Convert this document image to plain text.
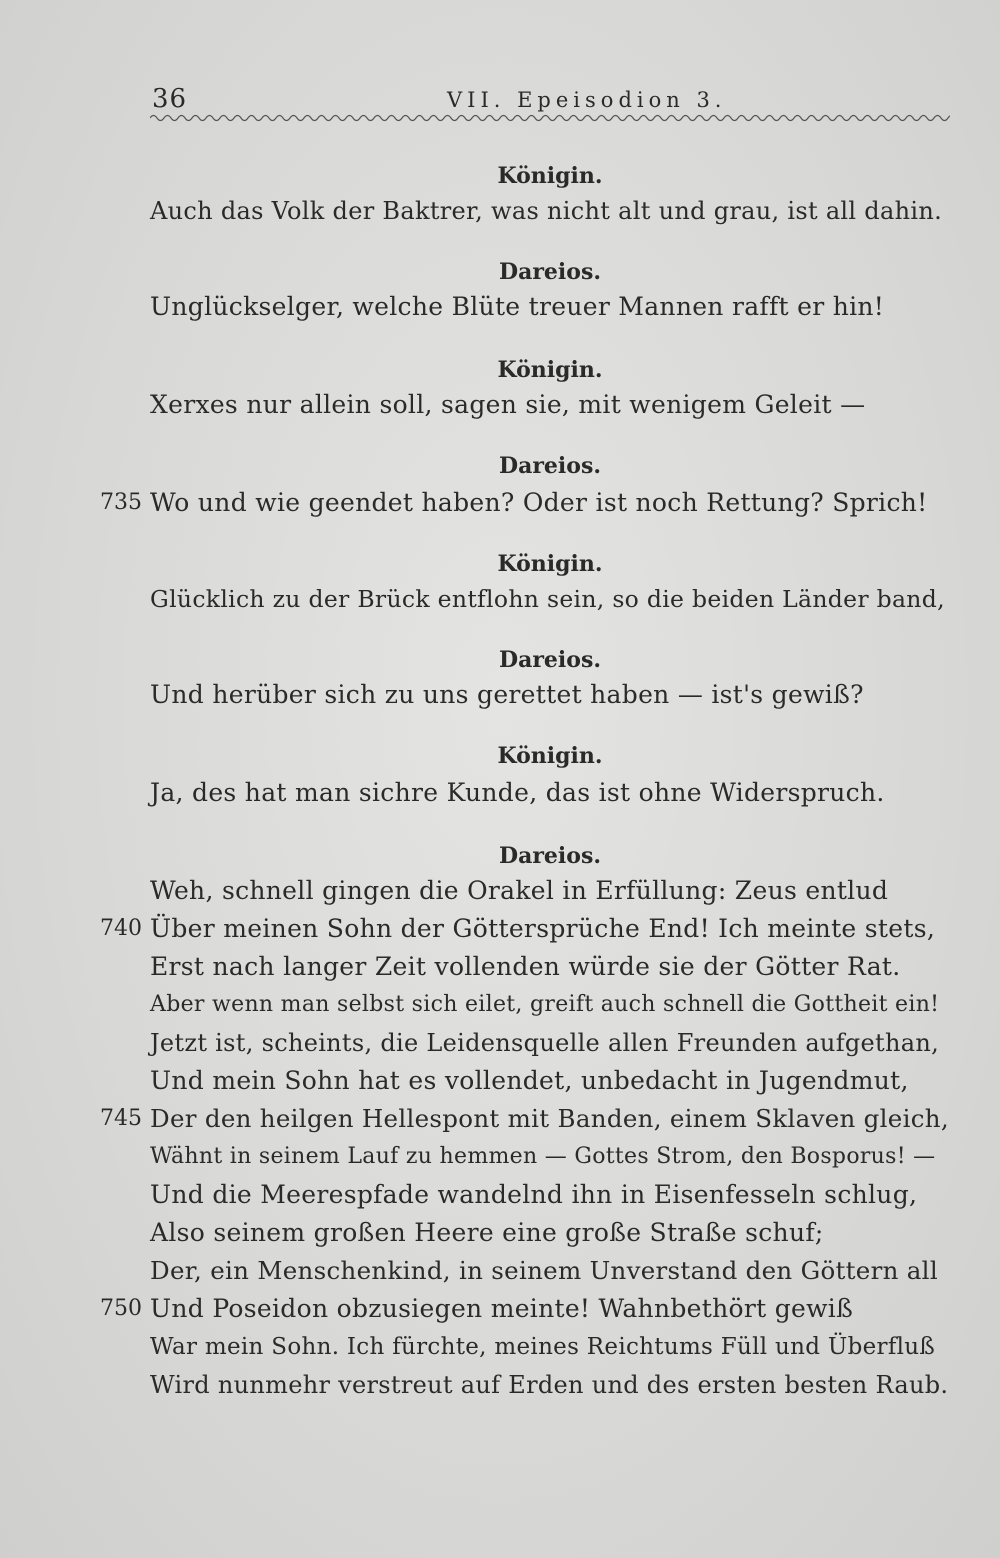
36	VII. Epeisodion 3.
Königin.
Auch das Volk der Baktrer, was nicht alt und grau, ist all dahin.
Dareios.
Unglückselger, welche Blüte treuer Mannen rafft er hin!
Königin.
Xerxes nur allein soll, sagen sie, mit wenigem Geleit —
Dareios.
735 Wo und wie geendet haben? Oder ist noch Rettung? Sprich!
Königin.
Glücklich zu der Brück entflohn sein, so die beiden Länder band,
Dareios.
Und herüber sich zu uns gerettet haben — ist's gewiß?
Königin.
Ja, des hat man sichre Kunde, das ist ohne Widerspruch.
Dareios.
Weh, schnell gingen die Orakel in Erfüllung: Zeus entlud
740 Über meinen Sohn der Göttersprüche End! Ich meinte stets,
Erst nach langer Zeit vollenden würde sie der Götter Rat.
Aber wenn man selbst sich eilet, greift auch schnell die Gottheit ein!
Jetzt ist, scheints, die Leidensquelle allen Freunden aufgethan,
Und mein Sohn hat es vollendet, unbedacht in Jugendmut,
745 Der den heilgen Hellespont mit Banden, einem Sklaven gleich,
Wähnt in seinem Lauf zu hemmen — Gottes Strom, den Bosporus! —
Und die Meerespfade wandelnd ihn in Eisenfesseln schlug,
Also seinem großen Heere eine große Straße schuf;
Der, ein Menschenkind, in seinem Unverstand den Göttern all
750 Und Poseidon obzusiegen meinte! Wahnbethört gewiß
War mein Sohn. Ich fürchte, meines Reichtums Füll und Überfluß
Wird nunmehr verstreut auf Erden und des ersten besten Raub.
